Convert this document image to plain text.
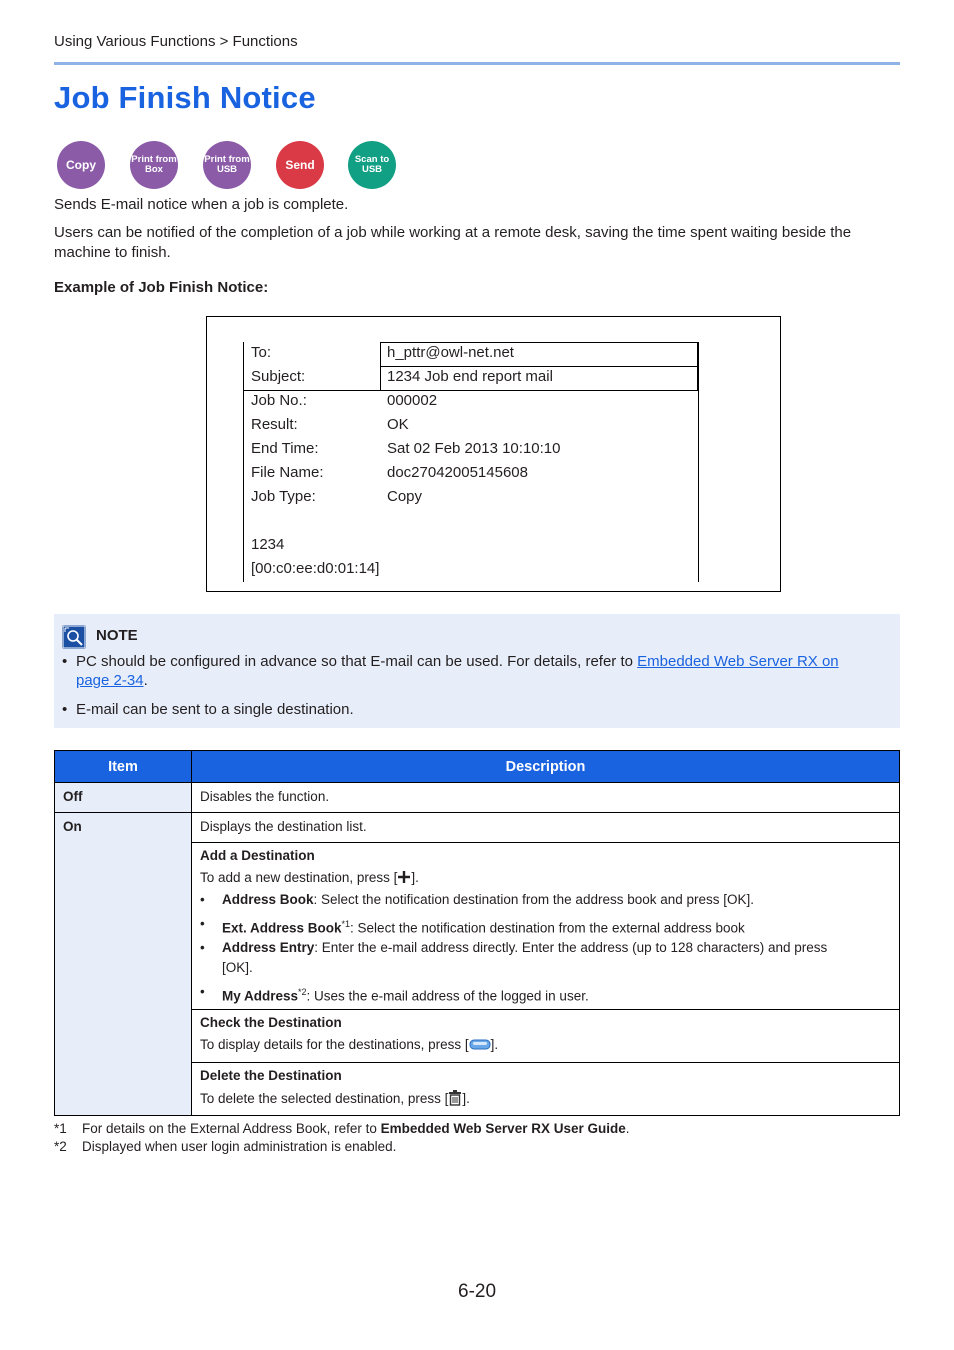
Using Various Functions > Functions
Job Finish Notice
Copy	Print from
Box
Print from
USB	Send	Scan to
USB
Sends E-mail notice when a job is complete.
Users can be notified of the completion of a job while working at a remote desk, saving the time spent waiting beside the
machine to finish.
Example of Job Finish Notice:
To:	h_pttr@owl-net.net
Subject:	1234 Job end report mail
Job No.:	000002
Result:	OK
End Time:	Sat 02 Feb 2013 10:10:10
File Name:	doc27042005145608
Job Type:	Copy
1234
[00:c0:ee:d0:01:14]
NOTE
• PC should be configured in advance so that E-mail can be used. For details, refer to Embedded Web Server RX on
page 2-34.
• E-mail can be sent to a single destination.
Item	Description
Off	Disables the function.
On	Displays the destination list.
Add a Destination
To add a new destination, press [ ].
• Address Book: Select the notification destination from the address book and press [OK].
• Ext. Address Book$^{*1}$: Select the notification destination from the external address book
• Address Entry: Enter the e-mail address directly. Enter the address (up to 128 characters) and press
[OK].
• My Address$^{*2}$: Uses the e-mail address of the logged in user.
Check the Destination
To display details for the destinations, press [ ].
Delete the Destination
To delete the selected destination, press [ ].
*1 For details on the External Address Book, refer to Embedded Web Server RX User Guide.
*2 Displayed when user login administration is enabled.
6-20
